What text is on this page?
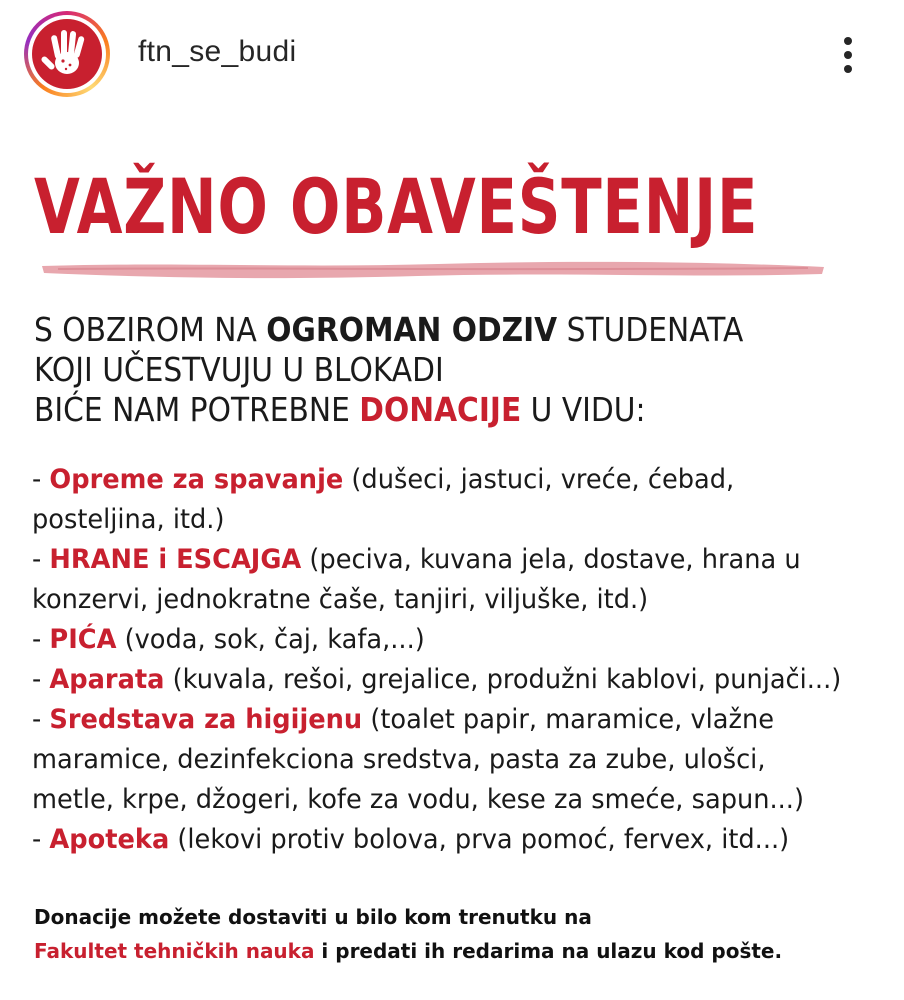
ftn_se_budi
VAŽNO OBAVEŠTENJE
S OBZIROM NA OGROMAN ODZIV STUDENATA
KOJI UČESTVUJU U BLOKADI
BIĆE NAM POTREBNE DONACIJE U VIDU:
- Opreme za spavanje (dušeci, jastuci, vreće, ćebad,
posteljina, itd.)
- HRANE i ESCAJGA (peciva, kuvana jela, dostave, hrana u
konzervi, jednokratne čaše, tanjiri, viljuške, itd.)
- PIĆA (voda, sok, čaj, kafa,...)
- Aparata (kuvala, rešoi, grejalice, produžni kablovi, punjači...)
- Sredstava za higijenu (toalet papir, maramice, vlažne
maramice, dezinfekciona sredstva, pasta za zube, ulošci,
metle, krpe, džogeri, kofe za vodu, kese za smeće, sapun...)
- Apoteka (lekovi protiv bolova, prva pomoć, fervex, itd...)
Donacije možete dostaviti u bilo kom trenutku na
Fakultet tehničkih nauka i predati ih redarima na ulazu kod pošte.
